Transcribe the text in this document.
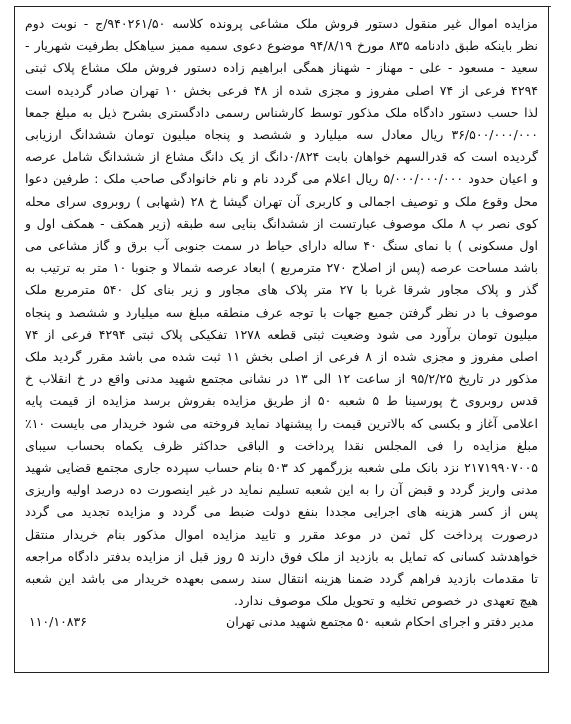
مزایده اموال غیر منقول دستور فروش ملک مشاعی پرونده کلاسه ۹۴۰۲۶۱/۵۰/ج - نوبت دوم نظر باینکه طبق دادنامه ۸۳۵ مورخ ۹۴/۸/۱۹ موضوع دعوی سمیه ممیز سیاهکل بطرفیت شهریار - سعید - مسعود - علی - مهناز - شهناز همگی ابراهیم زاده دستور فروش ملک مشاع پلاک ثبتی ۴۲۹۴ فرعی از ۷۴ اصلی مفروز و مجزی شده از ۴۸ فرعی بخش ۱۰ تهران صادر گردیده است لذا حسب دستور دادگاه ملک مذکور توسط کارشناس رسمی دادگستری بشرح ذیل به مبلغ جمعا ۳۶/۵۰۰/۰۰۰/۰۰۰ ریال معادل سه میلیارد و ششصد و پنجاه میلیون تومان ششدانگ ارزیابی گردیده است که قدرالسهم خواهان بابت ۰/۸۲۴دانگ از یک دانگ مشاع از ششدانگ شامل عرصه و اعیان حدود ۵/۰۰۰/۰۰۰/۰۰۰ ریال اعلام می گردد نام و نام خانوادگی صاحب ملک : طرفین دعوا محل وقوع ملک و توصیف اجمالی و کاربری آن تهران گیشا خ ۲۸ (شهابی ) روبروی سرای محله کوی نصر پ ۸ ملک موصوف عبارتست از ششدانگ بنایی سه طبقه (زیر همکف - همکف اول و اول مسکونی ) با نمای سنگ ۴۰ ساله دارای حیاط در سمت جنوبی آب برق و گاز مشاعی می باشد مساحت عرصه (پس از اصلاح ۲۷۰ مترمربع ) ابعاد عرصه شمالا و جنوبا ۱۰ متر به ترتیب به گذر و پلاک مجاور شرقا غربا با ۲۷ متر پلاک های مجاور و زیر بنای کل ۵۴۰ مترمربع ملک موصوف با در نظر گرفتن جمیع جهات با توجه عرف منطقه مبلغ سه میلیارد و ششصد و پنجاه میلیون تومان برآورد می شود وضعیت ثبتی قطعه ۱۲۷۸ تفکیکی پلاک ثبتی ۴۲۹۴ فرعی از ۷۴ اصلی مفروز و مجزی شده از ۸ فرعی از اصلی بخش ۱۱ ثبت شده می باشد مقرر گردید ملک مذکور در تاریخ ۹۵/۲/۲۵ از ساعت ۱۲ الی ۱۳ در نشانی مجتمع شهید مدنی واقع در خ انقلاب خ قدس روبروی خ پورسینا ط ۵ شعبه ۵۰ از طریق مزایده بفروش برسد مزایده از قیمت پایه اعلامی آغاز و بکسی که بالاترین قیمت را پیشنهاد نماید فروخته می شود خریدار می بایست ۱۰٪ مبلغ مزایده را فی المجلس نقدا پرداخت و الباقی حداکثر ظرف یکماه بحساب سیبای ۲۱۷۱۹۹۰۷۰۰۵ نزد بانک ملی شعبه بزرگمهر کد ۵۰۳ بنام حساب سپرده جاری مجتمع قضایی شهید مدنی واریز گردد و قبض آن را به این شعبه تسلیم نماید در غیر اینصورت ده درصد اولیه واریزی پس از کسر هزینه های اجرایی مجددا بنفع دولت ضبط می گردد و مزایده تجدید می گردد درصورت پرداخت کل ثمن در موعد مقرر و تایید مزایده اموال مذکور بنام خریدار منتقل خواهدشد کسانی که تمایل به بازدید از ملک فوق دارند ۵ روز قبل از مزایده بدفتر دادگاه مراجعه تا مقدمات بازدید فراهم گردد ضمنا هزینه انتقال سند رسمی بعهده خریدار می باشد این شعبه هیچ تعهدی در خصوص تخلیه و تحویل ملک موصوف ندارد.

مدیر دفتر و اجرای احکام شعبه ۵۰ مجتمع شهید مدنی تهران
۱۱۰/۱۰۸۳۶
